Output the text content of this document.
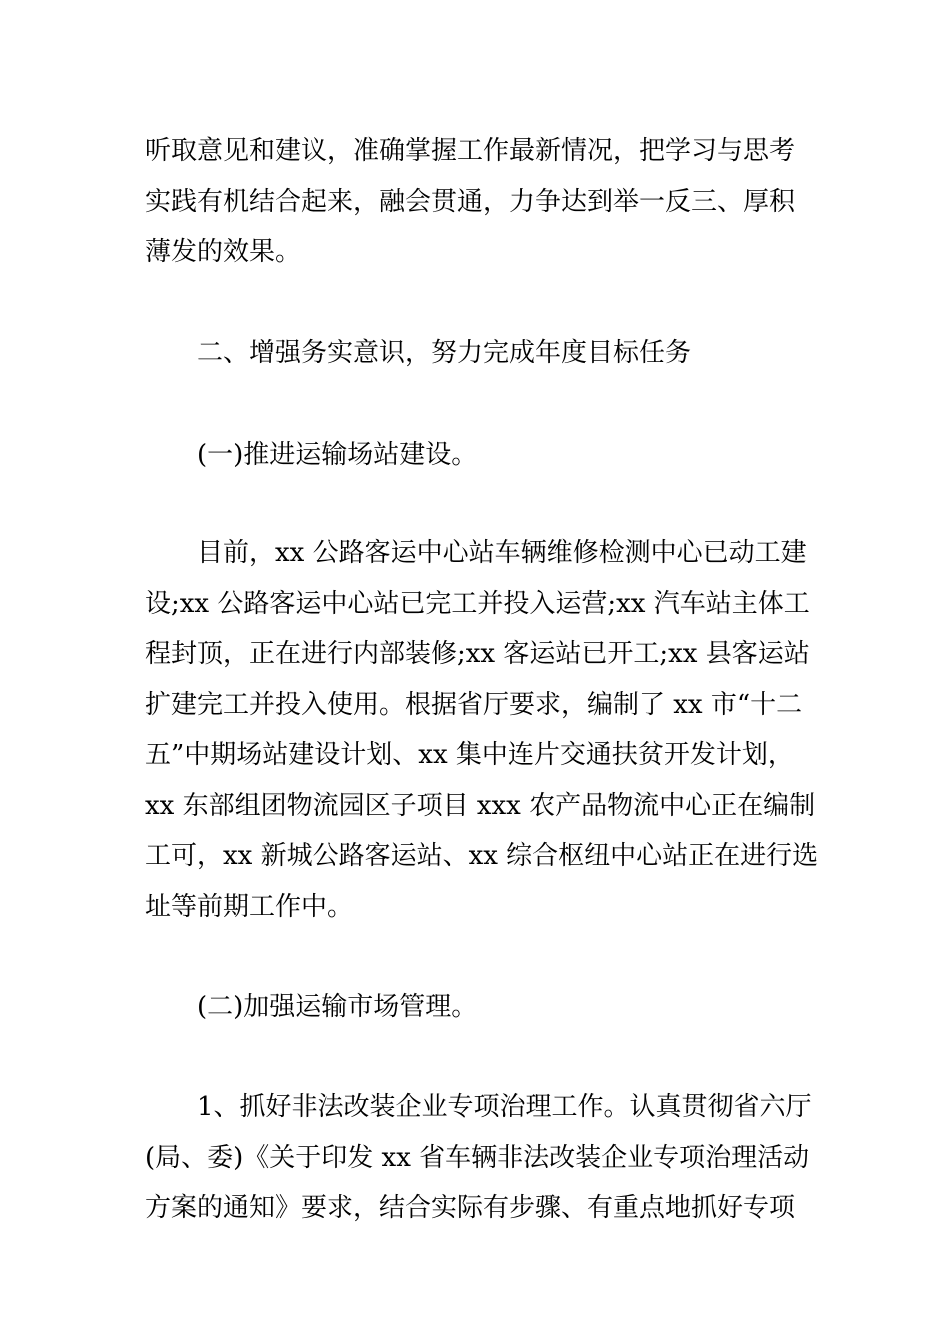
听取意见和建议，准确掌握工作最新情况，把学习与思考
实践有机结合起来，融会贯通，力争达到举一反三、厚积
薄发的效果。
二、增强务实意识，努力完成年度目标任务
(一)推进运输场站建设。
目前，xx 公路客运中心站车辆维修检测中心已动工建
设;xx 公路客运中心站已完工并投入运营;xx 汽车站主体工
程封顶，正在进行内部装修;xx 客运站已开工;xx 县客运站
扩建完工并投入使用。根据省厅要求，编制了 xx 市“十二
五”中期场站建设计划、xx 集中连片交通扶贫开发计划，
xx 东部组团物流园区子项目 xxx 农产品物流中心正在编制
工可，xx 新城公路客运站、xx 综合枢纽中心站正在进行选
址等前期工作中。
(二)加强运输市场管理。
1、抓好非法改装企业专项治理工作。认真贯彻省六厅
(局、委)《关于印发 xx 省车辆非法改装企业专项治理活动
方案的通知》要求，结合实际有步骤、有重点地抓好专项
